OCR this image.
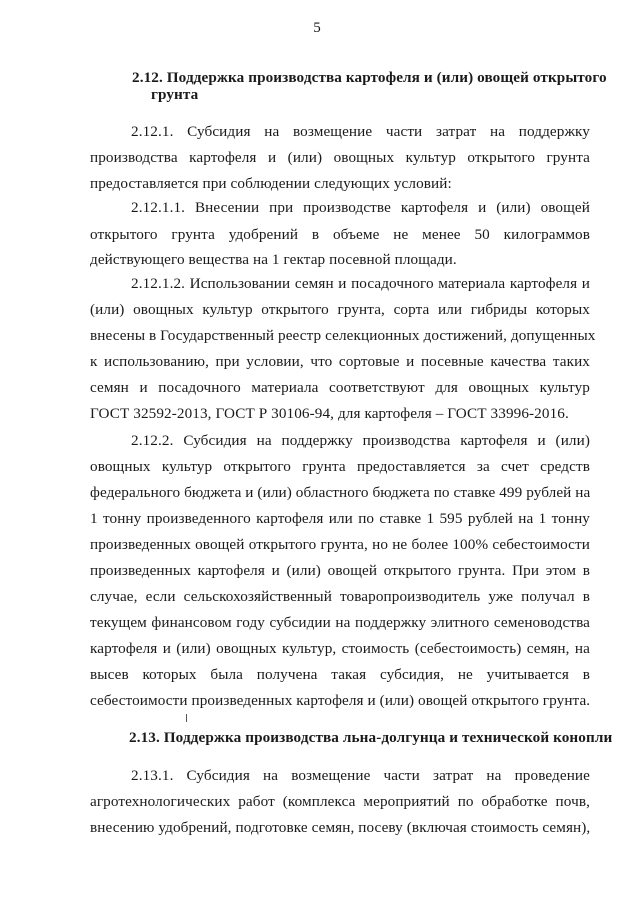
5
2.12. Поддержка производства картофеля и (или) овощей открытого
грунта
2.12.1. Субсидия на возмещение части затрат на поддержку
производства картофеля и (или) овощных культур открытого грунта
предоставляется при соблюдении следующих условий:
2.12.1.1. Внесении при производстве картофеля и (или) овощей
открытого грунта удобрений в объеме не менее 50 килограммов
действующего вещества на 1 гектар посевной площади.
2.12.1.2. Использовании семян и посадочного материала картофеля и
(или) овощных культур открытого грунта, сорта или гибриды которых
внесены в Государственный реестр селекционных достижений, допущенных
к использованию, при условии, что сортовые и посевные качества таких
семян и посадочного материала соответствуют для овощных культур
ГОСТ 32592-2013, ГОСТ Р 30106-94, для картофеля – ГОСТ 33996-2016.
2.12.2. Субсидия на поддержку производства картофеля и (или)
овощных культур открытого грунта предоставляется за счет средств
федерального бюджета и (или) областного бюджета по ставке 499 рублей на
1 тонну произведенного картофеля или по ставке 1 595 рублей на 1 тонну
произведенных овощей открытого грунта, но не более 100% себестоимости
произведенных картофеля и (или) овощей открытого грунта. При этом в
случае, если сельскохозяйственный товаропроизводитель уже получал в
текущем финансовом году субсидии на поддержку элитного семеноводства
картофеля и (или) овощных культур, стоимость (себестоимость) семян, на
высев которых была получена такая субсидия, не учитывается в
себестоимости произведенных картофеля и (или) овощей открытого грунта.
2.13. Поддержка производства льна-долгунца и технической конопли
2.13.1. Субсидия на возмещение части затрат на проведение
агротехнологических работ (комплекса мероприятий по обработке почв,
внесению удобрений, подготовке семян, посеву (включая стоимость семян),
